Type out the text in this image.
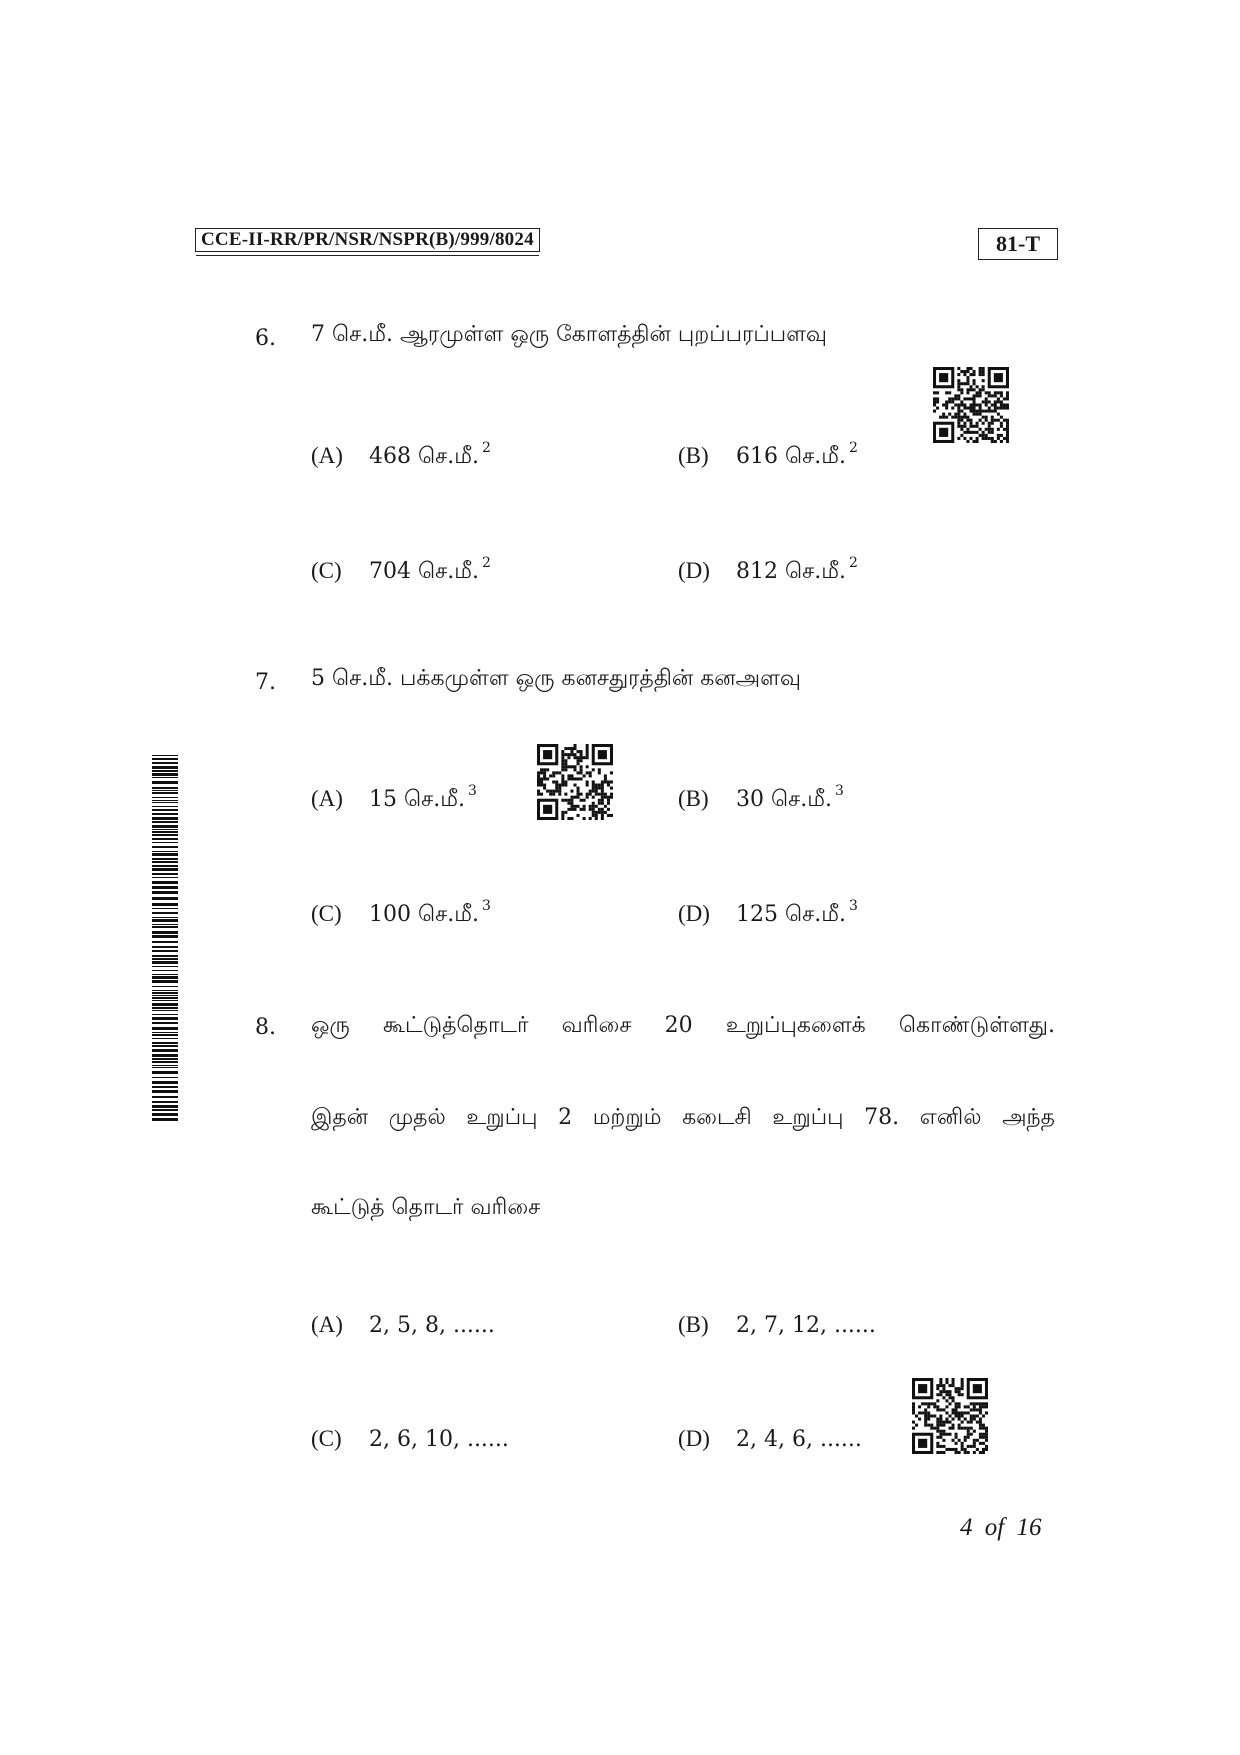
CCE-II-RR/PR/NSR/NSPR(B)/999/8024	81-T
6.	7 செ.மீ. ஆரமுள்ள ஒரு கோளத்தின் புறப்பரப்பளவு
(A) 468 செ.மீ. $^2$	(B) 616 செ.மீ. $^2$
(C) 704 செ.மீ. $^2$	(D) 812 செ.மீ. $^2$
7.	5 செ.மீ. பக்கமுள்ள ஒரு கனசதுரத்தின் கனஅளவு
(A) 15 செ.மீ. $^3$	(B) 30 செ.மீ. $^3$
(C) 100 செ.மீ. $^3$	(D) 125 செ.மீ. $^3$
8.	ஒரு கூட்டுத்தொடர் வரிசை 20 உறுப்புகளைக் கொண்டுள்ளது.
இதன் முதல் உறுப்பு 2 மற்றும் கடைசி உறுப்பு 78. எனில் அந்த
கூட்டுத் தொடர் வரிசை
(A) 2, 5, 8, ......	(B) 2, 7, 12, ......
(C) 2, 6, 10, ......	(D) 2, 4, 6, ......
4 of 16
